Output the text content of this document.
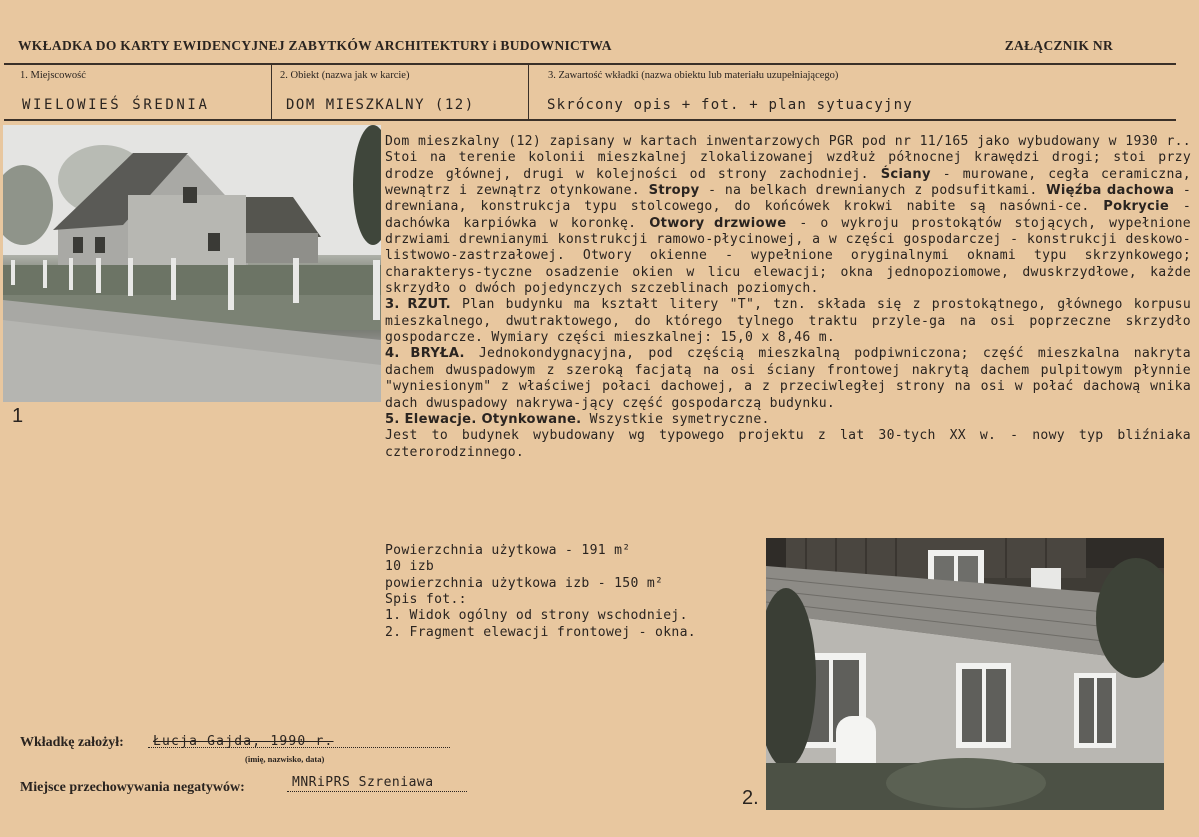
WKŁADKA DO KARTY EWIDENCYJNEJ ZABYTKÓW ARCHITEKTURY i BUDOWNICTWA	ZAŁĄCZNIK NR
1. Miejscowość	2. Obiekt (nazwa jak w karcie)	3. Zawartość wkładki (nazwa obiektu lub materiału uzupełniającego)
WIELOWIEŚ ŚREDNIA	DOM MIESZKALNY (12)	Skrócony opis + fot. + plan sytuacyjny
1
Dom mieszkalny (12) zapisany w kartach inwentarzowych PGR pod nr 11/165 jako wybudowany w 1930 r.. Stoi na terenie kolonii mieszkalnej zlokalizowanej wzdłuż północnej krawędzi drogi; stoi przy drodze głównej, drugi w kolejności od strony zachodniej. Ściany - murowane, cegła ceramiczna, wewnątrz i zewnątrz otynkowane. Stropy - na belkach drewnianych z podsufitkami. Więźba dachowa - drewniana, konstrukcja typu stolcowego, do końcówek krokwi nabite są nasówni-ce. Pokrycie - dachówka karpiówka w koronkę. Otwory drzwiowe - o wykroju prostokątów stojących, wypełnione drzwiami drewnianymi konstrukcji ramowo-płycinowej, a w części gospodarczej - konstrukcji deskowo-listwowo-zastrzałowej. Otwory okienne - wypełnione oryginalnymi oknami typu skrzynkowego; charakterys-tyczne osadzenie okien w licu elewacji; okna jednopoziomowe, dwuskrzydłowe, każde skrzydło o dwóch pojedynczych szczeblinach poziomych.
3. RZUT. Plan budynku ma kształt litery "T", tzn. składa się z prostokątnego, głównego korpusu mieszkalnego, dwutraktowego, do którego tylnego traktu przyle-ga na osi poprzeczne skrzydło gospodarcze. Wymiary części mieszkalnej: 15,0 x 8,46 m.
4. BRYŁA. Jednokondygnacyjna, pod częścią mieszkalną podpiwniczona; część mieszkalna nakryta dachem dwuspadowym z szeroką facjatą na osi ściany frontowej nakrytą dachem pulpitowym płynnie "wyniesionym" z właściwej połaci dachowej, a z przeciwległej strony na osi w połać dachową wnika dach dwuspadowy nakrywa-jący część gospodarczą budynku.
5. Elewacje. Otynkowane. Wszystkie symetryczne.
Jest to budynek wybudowany wg typowego projektu z lat 30-tych XX w. - nowy typ bliźniaka czterorodzinnego.
Powierzchnia użytkowa - 191 m²
10 izb
powierzchnia użytkowa izb - 150 m²
Spis fot.:
1. Widok ogólny od strony wschodniej.
2. Fragment elewacji frontowej - okna.
2.
Wkładkę założył: Łucja Gajda, 1990 r.
(imię, nazwisko, data)
Miejsce przechowywania negatywów:	MNRiPRS Szreniawa
